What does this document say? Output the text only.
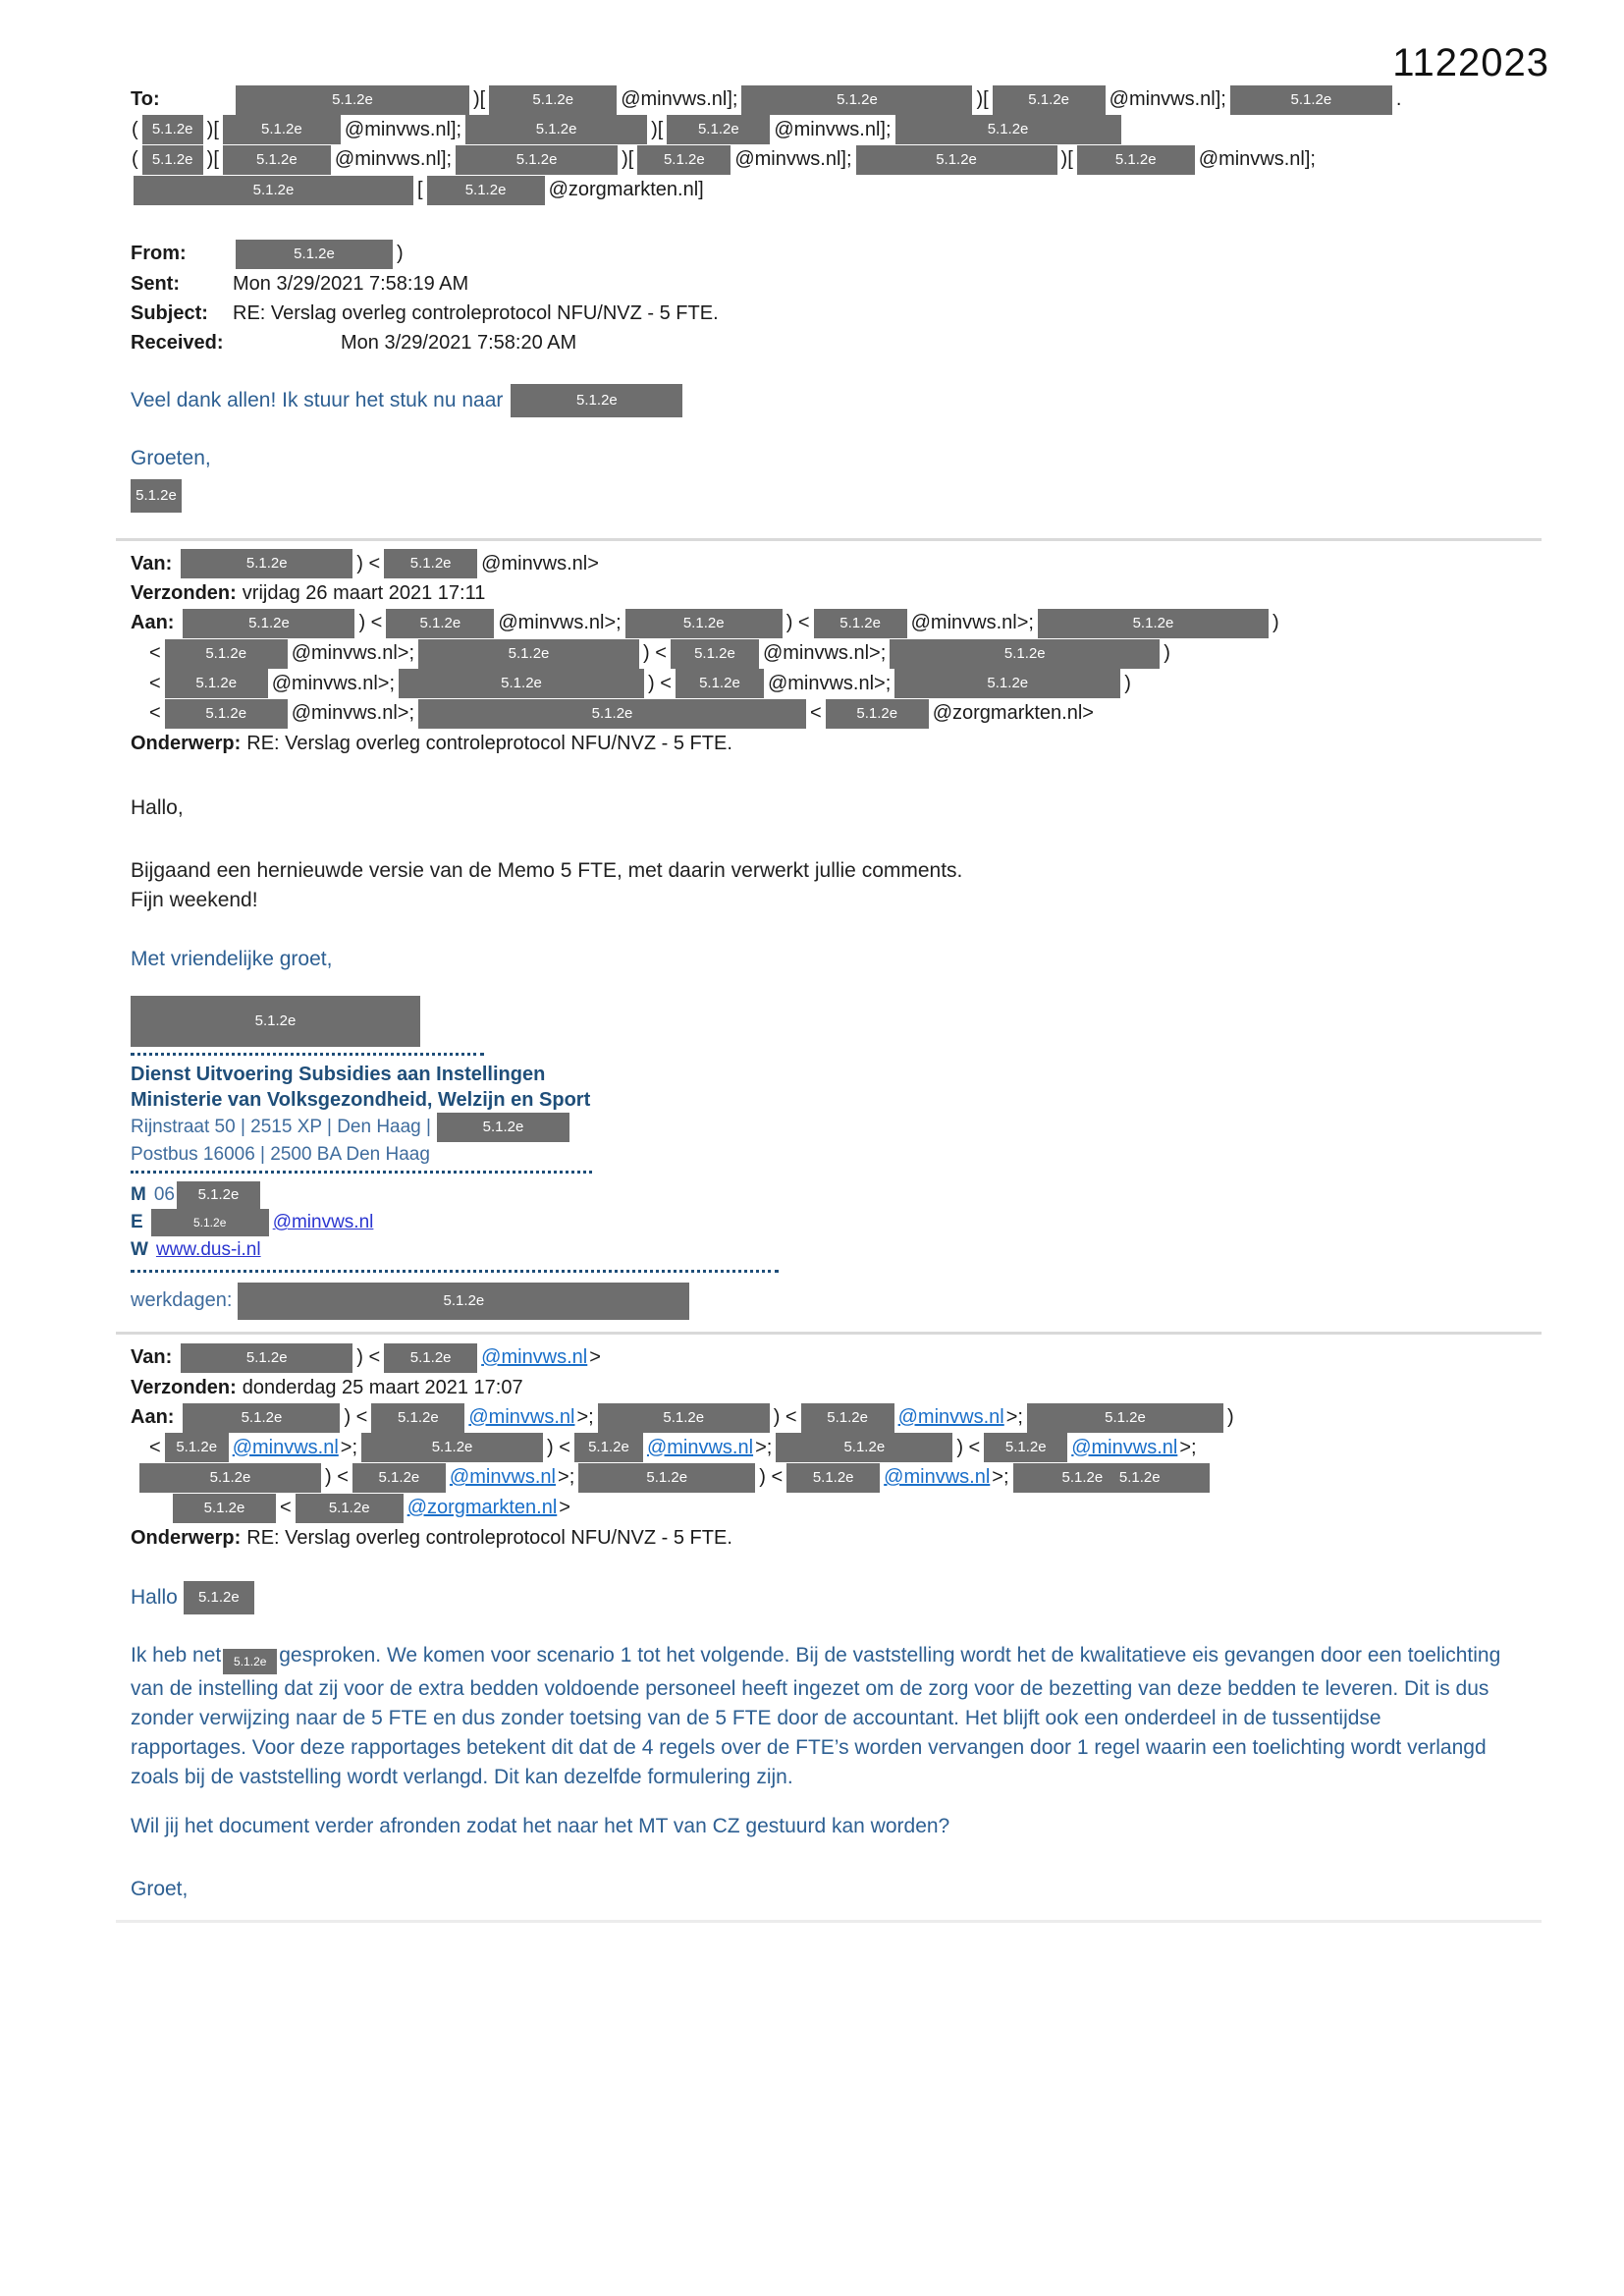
1122023
To:	5.1.2e	)[	5.1.2e @minvws.nl];	5.1.2e	)[	5.1.2e @minvws.nl];	5.1.2e	.
( 5.1.2e )[	5.1.2e @minvws.nl];	5.1.2e	)[ 5.1.2e @minvws.nl];	5.1.2e
( 5.1.2e )[	5.1.2e @minvws.nl];	5.1.2e	)[ 5.1.2e @minvws.nl];	5.1.2e	)[	5.1.2e @minvws.nl];
5.1.2e	[	5.1.2e @zorgmarkten.nl]
From:	5.1.2e	)
Sent:	Mon 3/29/2021 7:58:19 AM
Subject: RE: Verslag overleg controleprotocol NFU/NVZ - 5 FTE.
Received:	Mon 3/29/2021 7:58:20 AM
Veel dank allen! Ik stuur het stuk nu naar	5.1.2e
Groeten,
5.1.2e
Van:	5.1.2e	) < 5.1.2e @minvws.nl>
Verzonden: vrijdag 26 maart 2021 17:11
Aan:	5.1.2e	) <	5.1.2e @minvws.nl>;	5.1.2e	) < 5.1.2e @minvws.nl>;	5.1.2e	)
<	5.1.2e @minvws.nl>;	5.1.2e	) < 5.1.2e @minvws.nl>;	5.1.2e	)
< 5.1.2e @minvws.nl>;	5.1.2e	) < 5.1.2e @minvws.nl>;	5.1.2e	)
<	5.1.2e @minvws.nl>;	5.1.2e	< 5.1.2e @zorgmarkten.nl>
Onderwerp: RE: Verslag overleg controleprotocol NFU/NVZ - 5 FTE.
Hallo,
Bijgaand een hernieuwde versie van de Memo 5 FTE, met daarin verwerkt jullie comments.
Fijn weekend!
Met vriendelijke groet,
5.1.2e
Dienst Uitvoering Subsidies aan Instellingen
Ministerie van Volksgezondheid, Welzijn en Sport
Rijnstraat 50 | 2515 XP | Den Haag |	5.1.2e
Postbus 16006 | 2500 BA Den Haag
M 06 5.1.2e
E	5.1.2e @minvws.nl
W www.dus-i.nl
werkdagen:	5.1.2e
Van:	5.1.2e	) < 5.1.2e @minvws.nl >
Verzonden: donderdag 25 maart 2021 17:07
Aan:	5.1.2e	) < 5.1.2e @minvws.nl >;	5.1.2e	) < 5.1.2e @minvws.nl >;	5.1.2e	)
< 5.1.2e @minvws.nl >;	5.1.2e	) < 5.1.2e @minvws.nl >;	5.1.2e	) < 5.1.2e @minvws.nl >;
5.1.2e	) < 5.1.2e @minvws.nl >;	5.1.2e	) < 5.1.2e @minvws.nl >;	5.1.2e    5.1.2e
5.1.2e <	5.1.2e @zorgmarkten.nl >
Onderwerp: RE: Verslag overleg controleprotocol NFU/NVZ - 5 FTE.
Hallo 5.1.2e
Ik heb net 5.1.2e gesproken. We komen voor scenario 1 tot het volgende. Bij de vaststelling wordt het de kwalitatieve eis gevangen door een toelichting van de instelling dat zij voor de extra bedden voldoende personeel heeft ingezet om de zorg voor de bezetting van deze bedden te leveren. Dit is dus zonder verwijzing naar de 5 FTE en dus zonder toetsing van de 5 FTE door de accountant. Het blijft ook een onderdeel in de tussentijdse rapportages. Voor deze rapportages betekent dit dat de 4 regels over de FTE’s worden vervangen door 1 regel waarin een toelichting wordt verlangd zoals bij de vaststelling wordt verlangd. Dit kan dezelfde formulering zijn.
Wil jij het document verder afronden zodat het naar het MT van CZ gestuurd kan worden?
Groet,
